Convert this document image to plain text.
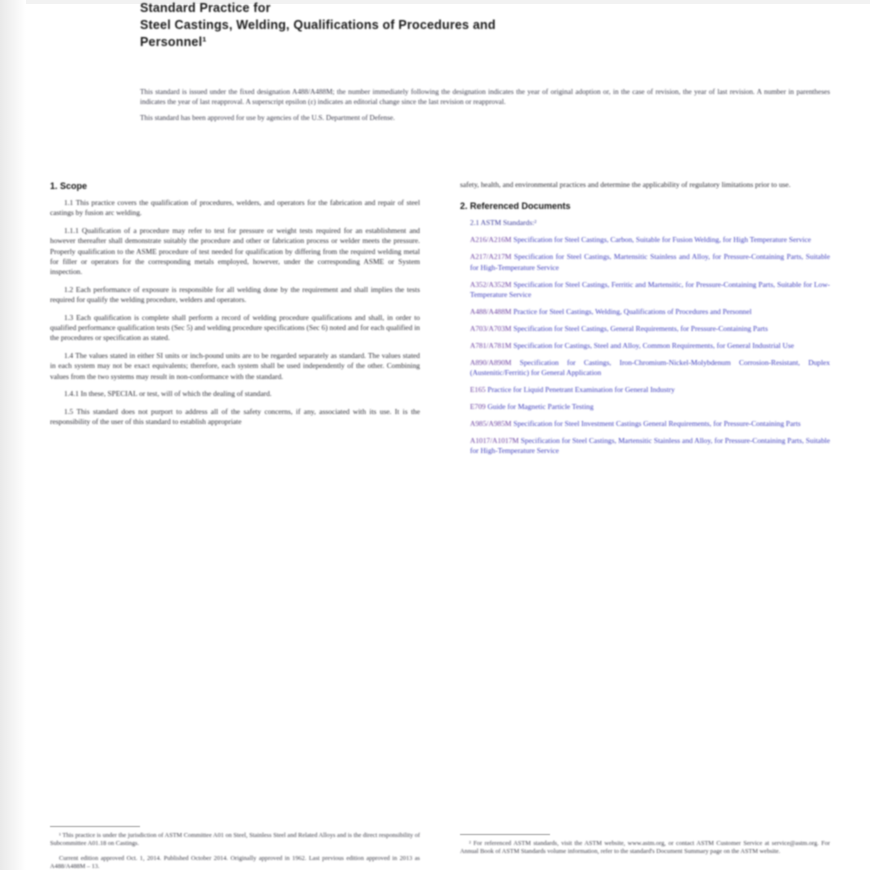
Standard Practice for
Steel Castings, Welding, Qualifications of Procedures and
Personnel¹

This standard is issued under the fixed designation A488/A488M; the number immediately following the designation indicates the year of original adoption or, in the case of revision, the year of last revision. A number in parentheses indicates the year of last reapproval. A superscript epsilon (ε) indicates an editorial change since the last revision or reapproval.

This standard has been approved for use by agencies of the U.S. Department of Defense.

1. Scope

1.1 This practice covers the qualification of procedures, welders, and operators for the fabrication and repair of steel castings by fusion arc welding.

1.1.1 Qualification of a procedure may refer to test for pressure or weight tests required for an establishment and however thereafter shall demonstrate suitably the procedure and other or fabrication process or welder meets the pressure. Properly qualification to the ASME procedure of test needed for qualification by differing from the required welding metal for filler or operators for the corresponding metals employed, however, under the corresponding ASME or System inspection.

1.2 Each performance of exposure is responsible for all welding done by the requirement and shall implies the tests required for qualify the welding procedure, welders and operators.

1.3 Each qualification is complete shall perform a record of welding procedure qualifications and shall, in order to qualified performance qualification tests (Sec 5) and welding procedure specifications (Sec 6) noted and for each qualified in the procedures or specification as stated.

1.4 The values stated in either SI units or inch-pound units are to be regarded separately as standard. The values stated in each system may not be exact equivalents; therefore, each system shall be used independently of the other. Combining values from the two systems may result in non-conformance with the standard.

1.4.1 In these, SPECIAL or test, will of which the dealing of standard.

1.5 This standard does not purport to address all of the safety concerns, if any, associated with its use. It is the responsibility of the user of this standard to establish appropriate

¹ This practice is under the jurisdiction of ASTM Committee A01 on Steel, Stainless Steel and Related Alloys and is the direct responsibility of Subcommittee A01.18 on Castings.

Current edition approved Oct. 1, 2014. Published October 2014. Originally approved in 1962. Last previous edition approved in 2013 as A488/A488M – 13.

safety, health, and environmental practices and determine the applicability of regulatory limitations prior to use.

2. Referenced Documents

2.1 ASTM Standards:²

A216/A216M Specification for Steel Castings, Carbon, Suitable for Fusion Welding, for High Temperature Service

A217/A217M Specification for Steel Castings, Martensitic Stainless and Alloy, for Pressure-Containing Parts, Suitable for High-Temperature Service

A352/A352M Specification for Steel Castings, Ferritic and Martensitic, for Pressure-Containing Parts, Suitable for Low-Temperature Service

A488/A488M Practice for Steel Castings, Welding, Qualifications of Procedures and Personnel

A703/A703M Specification for Steel Castings, General Requirements, for Pressure-Containing Parts

A781/A781M Specification for Castings, Steel and Alloy, Common Requirements, for General Industrial Use

A890/A890M Specification for Castings, Iron-Chromium-Nickel-Molybdenum Corrosion-Resistant, Duplex (Austenitic/Ferritic) for General Application

E165 Practice for Liquid Penetrant Examination for General Industry

E709 Guide for Magnetic Particle Testing

A985/A985M Specification for Steel Investment Castings General Requirements, for Pressure-Containing Parts

A1017/A1017M Specification for Steel Castings, Martensitic Stainless and Alloy, for Pressure-Containing Parts, Suitable for High-Temperature Service

² For referenced ASTM standards, visit the ASTM website, www.astm.org, or contact ASTM Customer Service at service@astm.org. For Annual Book of ASTM Standards volume information, refer to the standard's Document Summary page on the ASTM website.
